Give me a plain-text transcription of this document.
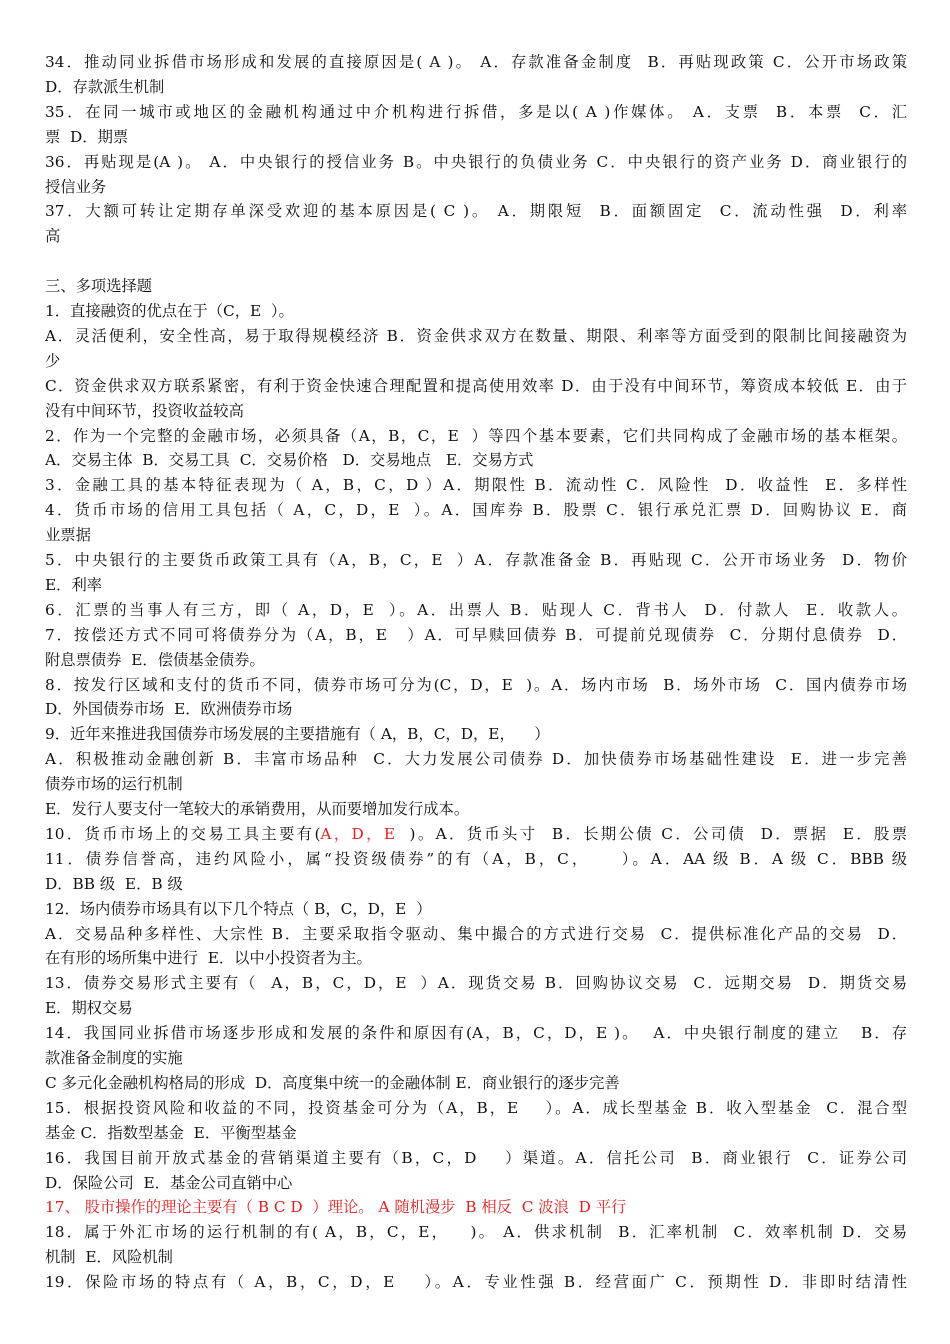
34．推动同业拆借市场形成和发展的直接原因是( A )。 A．存款准备金制度  B．再贴现政策 C．公开市场政策
D．存款派生机制
35．在同一城市或地区的金融机构通过中介机构进行拆借，多是以( A )作媒体。 A．支票  B．本票  C．汇
票  D．期票
36．再贴现是(A )。 A．中央银行的授信业务 B。中央银行的负债业务 C．中央银行的资产业务 D．商业银行的
授信业务
37．大额可转让定期存单深受欢迎的基本原因是( C )。 A．期限短  B．面额固定  C．流动性强  D．利率
高
三、多项选择题
1．直接融资的优点在于（C，E  ）。
A．灵活便利，安全性高，易于取得规模经济 B．资金供求双方在数量、期限、利率等方面受到的限制比间接融资为
少
C．资金供求双方联系紧密，有利于资金快速合理配置和提高使用效率 D．由于没有中间环节，筹资成本较低 E．由于
没有中间环节，投资收益较高
2．作为一个完整的金融市场，必须具备（A，B，C，E  ）等四个基本要素，它们共同构成了金融市场的基本框架。
A．交易主体  B．交易工具  C．交易价格   D．交易地点   E．交易方式
3．金融工具的基本特征表现为（ A，B，C，D ）A．期限性 B．流动性 C．风险性  D．收益性  E．多样性
4．货币市场的信用工具包括（ A，C，D，E  ）。A．国库券 B．股票 C．银行承兑汇票 D．回购协议 E．商
业票据
5．中央银行的主要货币政策工具有（A，B，C，E  ）A．存款准备金 B．再贴现 C．公开市场业务  D．物价
E．利率
6．汇票的当事人有三方，即（ A，D，E  ）。A．出票人 B．贴现人 C．背书人  D．付款人  E．收款人。
7．按偿还方式不同可将债券分为（A，B，E   ）A．可早赎回债券 B．可提前兑现债券  C．分期付息债券  D．
附息票债券  E．偿债基金债券。
8．按发行区域和支付的货币不同，债券市场可分为(C，D，E  )。A．场内市场  B．场外市场  C．国内债券市场
D．外国债券市场  E．欧洲债券市场
9．近年来推进我国债券市场发展的主要措施有（ A，B，C，D，E，    ）
A．积极推动金融创新 B．丰富市场品种  C．大力发展公司债券 D．加快债券市场基础性建设  E．进一步完善
债券市场的运行机制
E．发行人要支付一笔较大的承销费用，从而要增加发行成本。
10．货币市场上的交易工具主要有(A，D，E  )。A．货币头寸  B．长期公债 C．公司债  D．票据  E．股票
11．债券信誉高，违约风险小，属“投资级债券”的有（A，B，C，    ）。A．AA 级 B．A 级 C．BBB 级
D．BB 级  E．B 级
12．场内债券市场具有以下几个特点（ B，C，D，E  ）
A．交易品种多样性、大宗性 B．主要采取指令驱动、集中撮合的方式进行交易  C．提供标准化产品的交易  D．
在有形的场所集中进行  E．以中小投资者为主。
13．债券交易形式主要有（  A，B，C，D，E  ）A．现货交易 B．回购协议交易  C．远期交易  D．期货交易
E．期权交易
14．我国同业拆借市场逐步形成和发展的条件和原因有(A，B，C，D，E )。  A．中央银行制度的建立   B．存
款准备金制度的实施
C 多元化金融机构格局的形成  D．高度集中统一的金融体制 E．商业银行的逐步完善
15．根据投资风险和收益的不同，投资基金可分为（A，B，E    ）。A．成长型基金 B．收入型基金  C．混合型
基金 C．指数型基金  E．平衡型基金
16．我国目前开放式基金的营销渠道主要有（B，C，D    ）渠道。A．信托公司  B．商业银行  C．证券公司
D．保险公司  E．基金公司直销中心
17、 股市操作的理论主要有（ B C D  ）理论。 A 随机漫步  B 相反  C 波浪  D 平行
18．属于外汇市场的运行机制的有( A，B，C，E，   )。 A．供求机制  B．汇率机制  C．效率机制 D．交易
机制  E．风险机制
19．保险市场的特点有（ A，B，C，D，E    ）。A．专业性强 B．经营面广 C．预期性 D．非即时结清性
